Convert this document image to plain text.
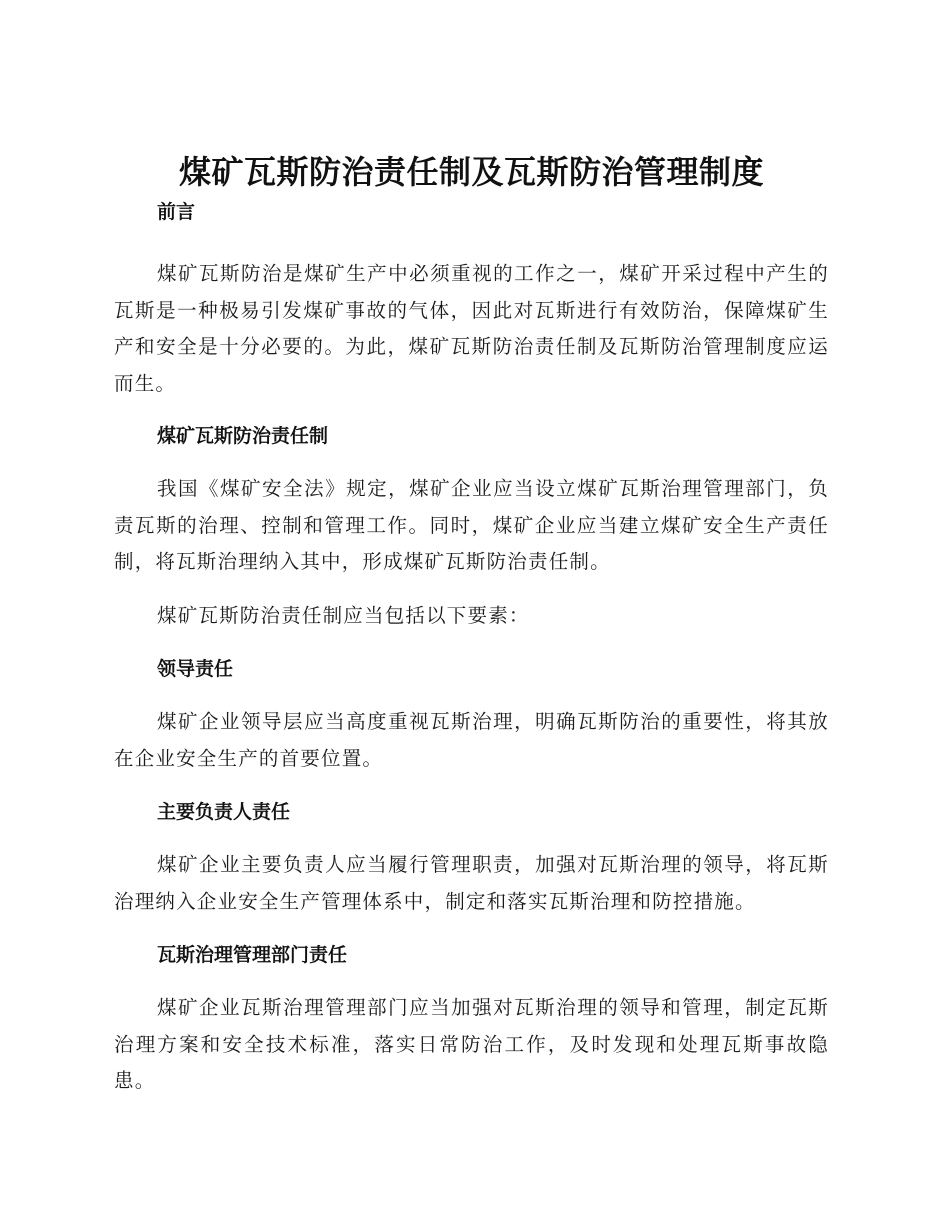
煤矿瓦斯防治责任制及瓦斯防治管理制度
前言

煤矿瓦斯防治是煤矿生产中必须重视的工作之一，煤矿开采过程中产生的瓦斯是一种极易引发煤矿事故的气体，因此对瓦斯进行有效防治，保障煤矿生产和安全是十分必要的。为此，煤矿瓦斯防治责任制及瓦斯防治管理制度应运而生。

煤矿瓦斯防治责任制

我国《煤矿安全法》规定，煤矿企业应当设立煤矿瓦斯治理管理部门，负责瓦斯的治理、控制和管理工作。同时，煤矿企业应当建立煤矿安全生产责任制，将瓦斯治理纳入其中，形成煤矿瓦斯防治责任制。

煤矿瓦斯防治责任制应当包括以下要素：

领导责任

煤矿企业领导层应当高度重视瓦斯治理，明确瓦斯防治的重要性，将其放在企业安全生产的首要位置。

主要负责人责任

煤矿企业主要负责人应当履行管理职责，加强对瓦斯治理的领导，将瓦斯治理纳入企业安全生产管理体系中，制定和落实瓦斯治理和防控措施。

瓦斯治理管理部门责任

煤矿企业瓦斯治理管理部门应当加强对瓦斯治理的领导和管理，制定瓦斯治理方案和安全技术标准，落实日常防治工作，及时发现和处理瓦斯事故隐患。
